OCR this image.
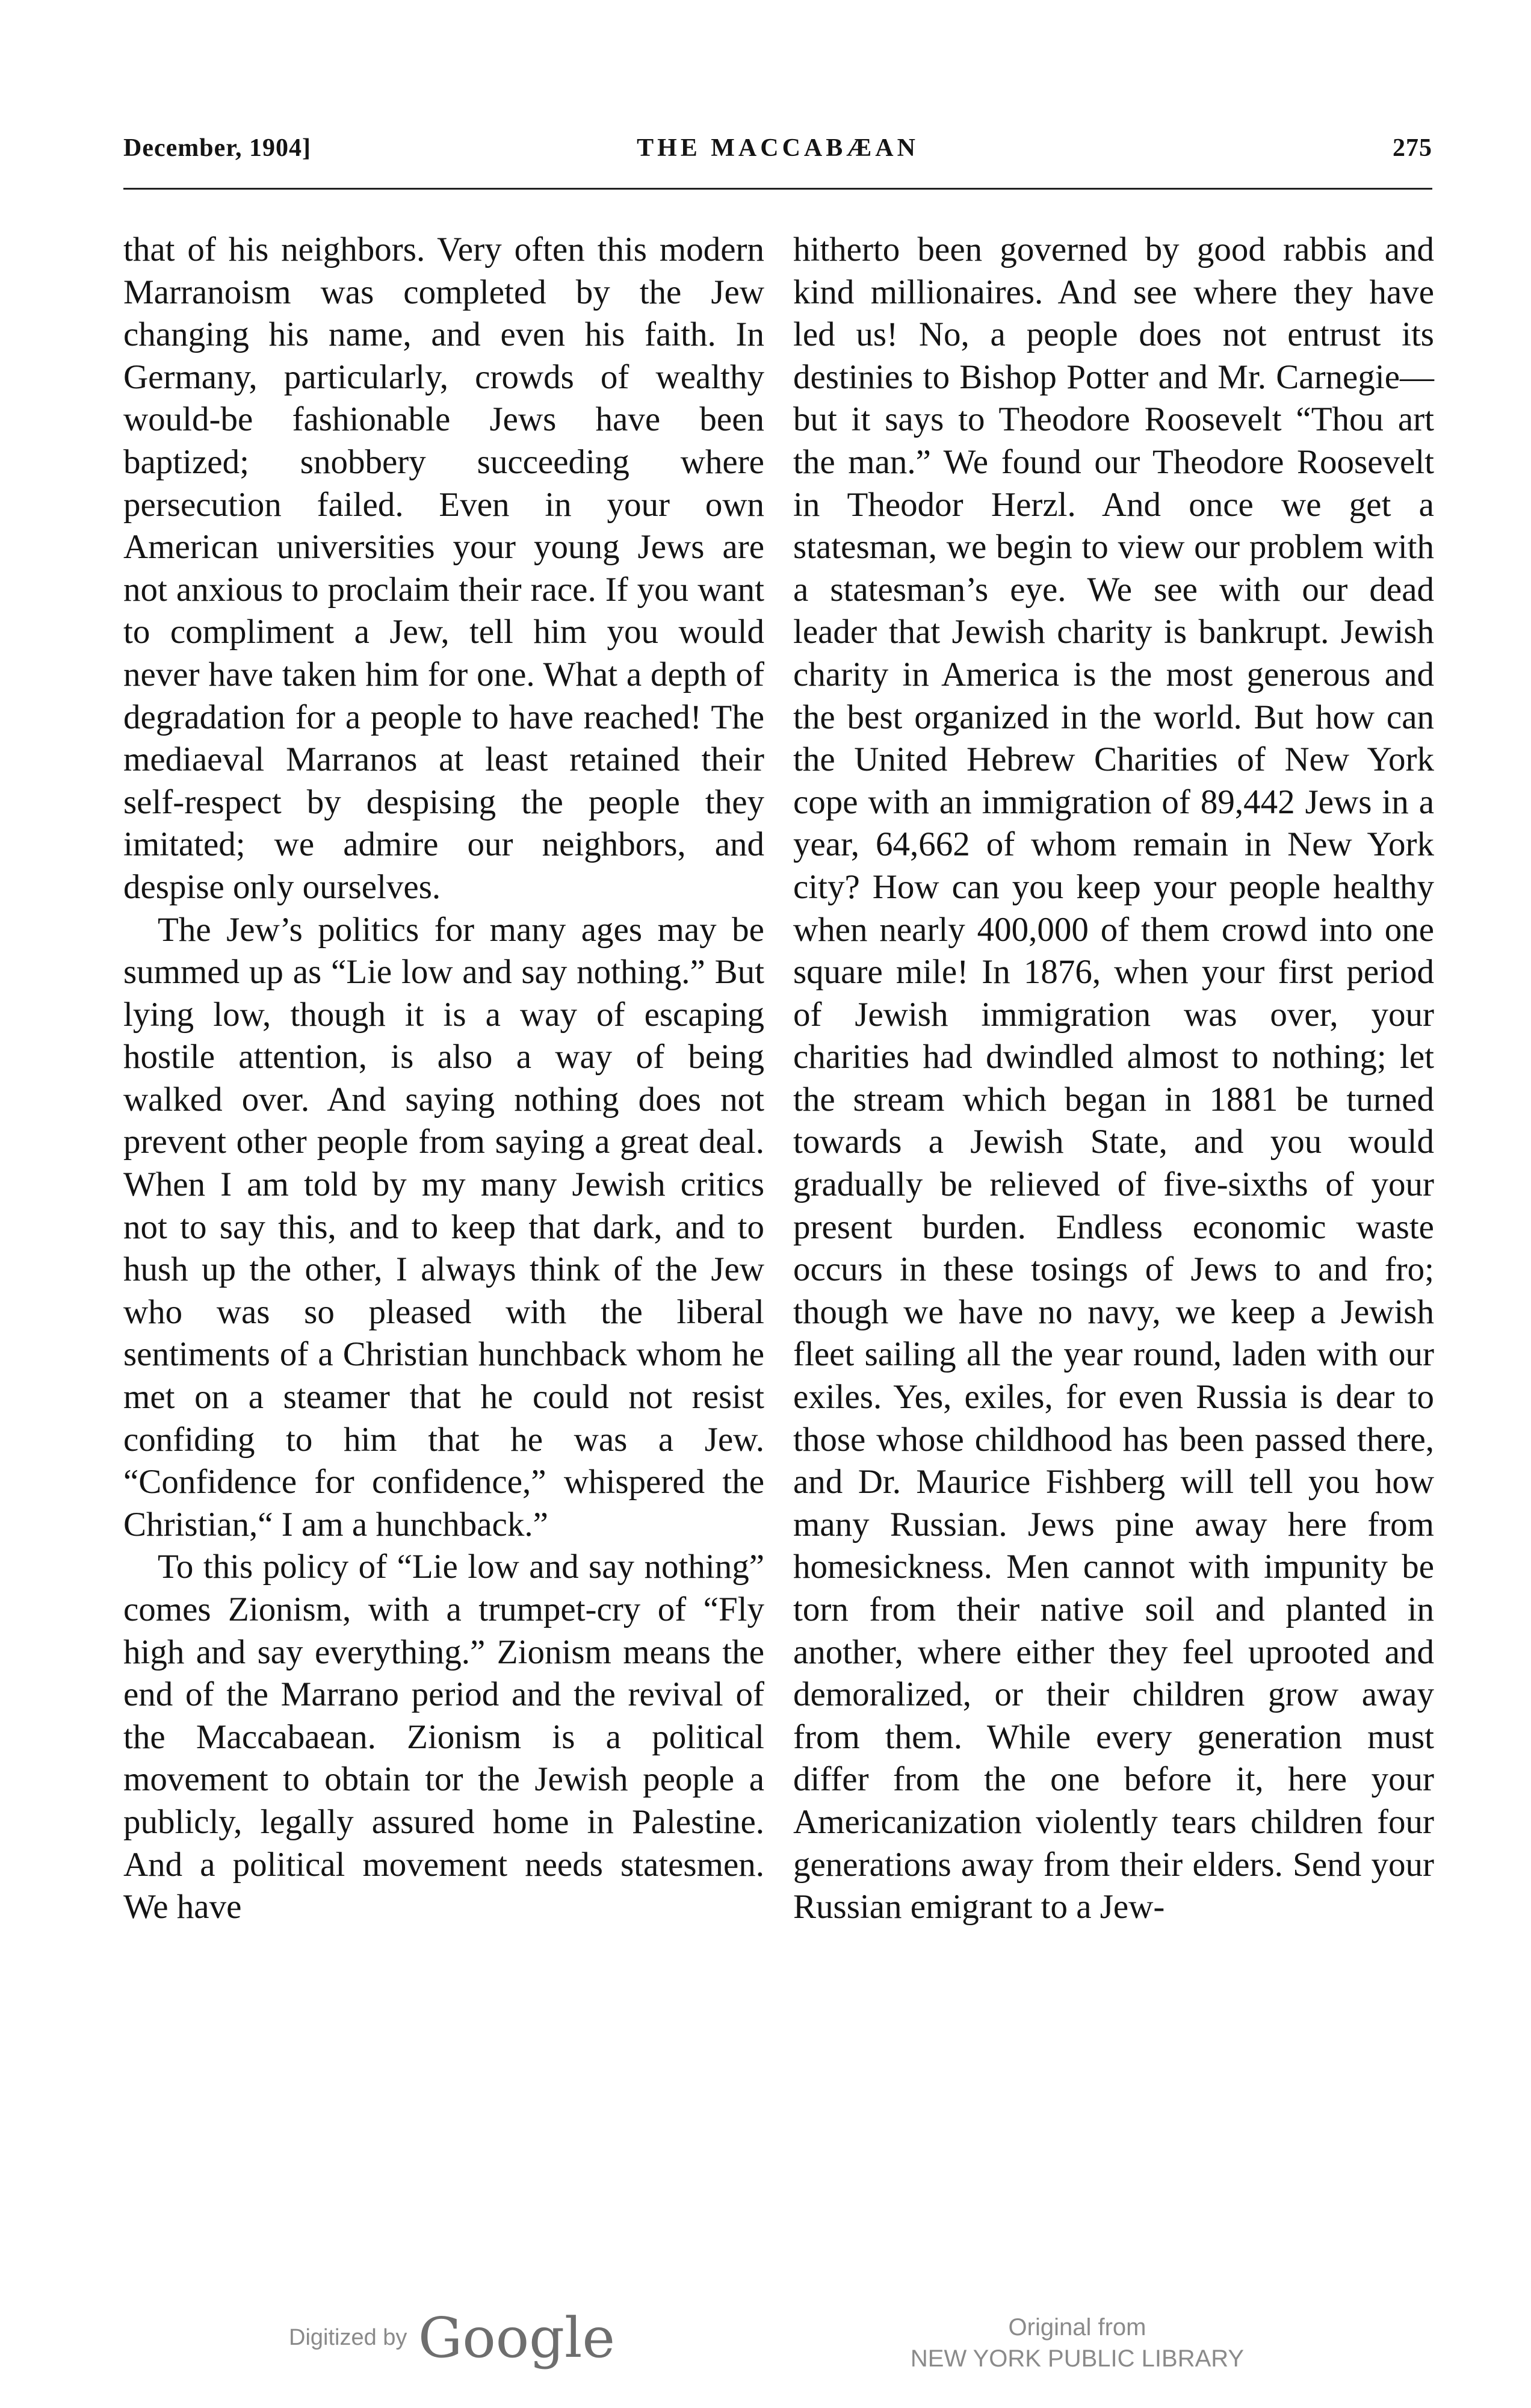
December, 1904]	THE MACCABÆAN	275

that of his neighbors. Very often this modern Marranoism was completed by the Jew changing his name, and even his faith. In Germany, particularly, crowds of wealthy would-be fashionable Jews have been baptized; snobbery succeeding where persecution failed. Even in your own American universities your young Jews are not anxious to proclaim their race. If you want to compliment a Jew, tell him you would never have taken him for one. What a depth of degradation for a people to have reached! The mediaeval Marranos at least retained their self-respect by despising the people they imitated; we admire our neighbors, and despise only ourselves.

The Jew’s politics for many ages may be summed up as “Lie low and say nothing.” But lying low, though it is a way of escaping hostile attention, is also a way of being walked over. And saying nothing does not prevent other people from saying a great deal. When I am told by my many Jewish critics not to say this, and to keep that dark, and to hush up the other, I always think of the Jew who was so pleased with the liberal sentiments of a Christian hunchback whom he met on a steamer that he could not resist confiding to him that he was a Jew. “Confidence for confidence,” whispered the Christian,“ I am a hunchback.”

To this policy of “Lie low and say nothing” comes Zionism, with a trumpet-cry of “Fly high and say everything.” Zionism means the end of the Marrano period and the revival of the Maccabaean. Zionism is a political movement to obtain tor the Jewish people a publicly, legally assured home in Palestine. And a political movement needs statesmen. We have

hitherto been governed by good rabbis and kind millionaires. And see where they have led us! No, a people does not entrust its destinies to Bishop Potter and Mr. Carnegie—but it says to Theodore Roosevelt “Thou art the man.” We found our Theodore Roosevelt in Theodor Herzl. And once we get a statesman, we begin to view our problem with a statesman’s eye. We see with our dead leader that Jewish charity is bankrupt. Jewish charity in America is the most generous and the best organized in the world. But how can the United Hebrew Charities of New York cope with an immigration of 89,442 Jews in a year, 64,662 of whom remain in New York city? How can you keep your people healthy when nearly 400,000 of them crowd into one square mile! In 1876, when your first period of Jewish immigration was over, your charities had dwindled almost to nothing; let the stream which began in 1881 be turned towards a Jewish State, and you would gradually be relieved of five-sixths of your present burden. Endless economic waste occurs in these tosings of Jews to and fro; though we have no navy, we keep a Jewish fleet sailing all the year round, laden with our exiles. Yes, exiles, for even Russia is dear to those whose childhood has been passed there, and Dr. Maurice Fishberg will tell you how many Russian. Jews pine away here from homesickness. Men cannot with impunity be torn from their native soil and planted in another, where either they feel uprooted and demoralized, or their children grow away from them. While every generation must differ from the one before it, here your Americanization violently tears children four generations away from their elders. Send your Russian emigrant to a Jew-

Digitized by Google	Original from
NEW YORK PUBLIC LIBRARY
